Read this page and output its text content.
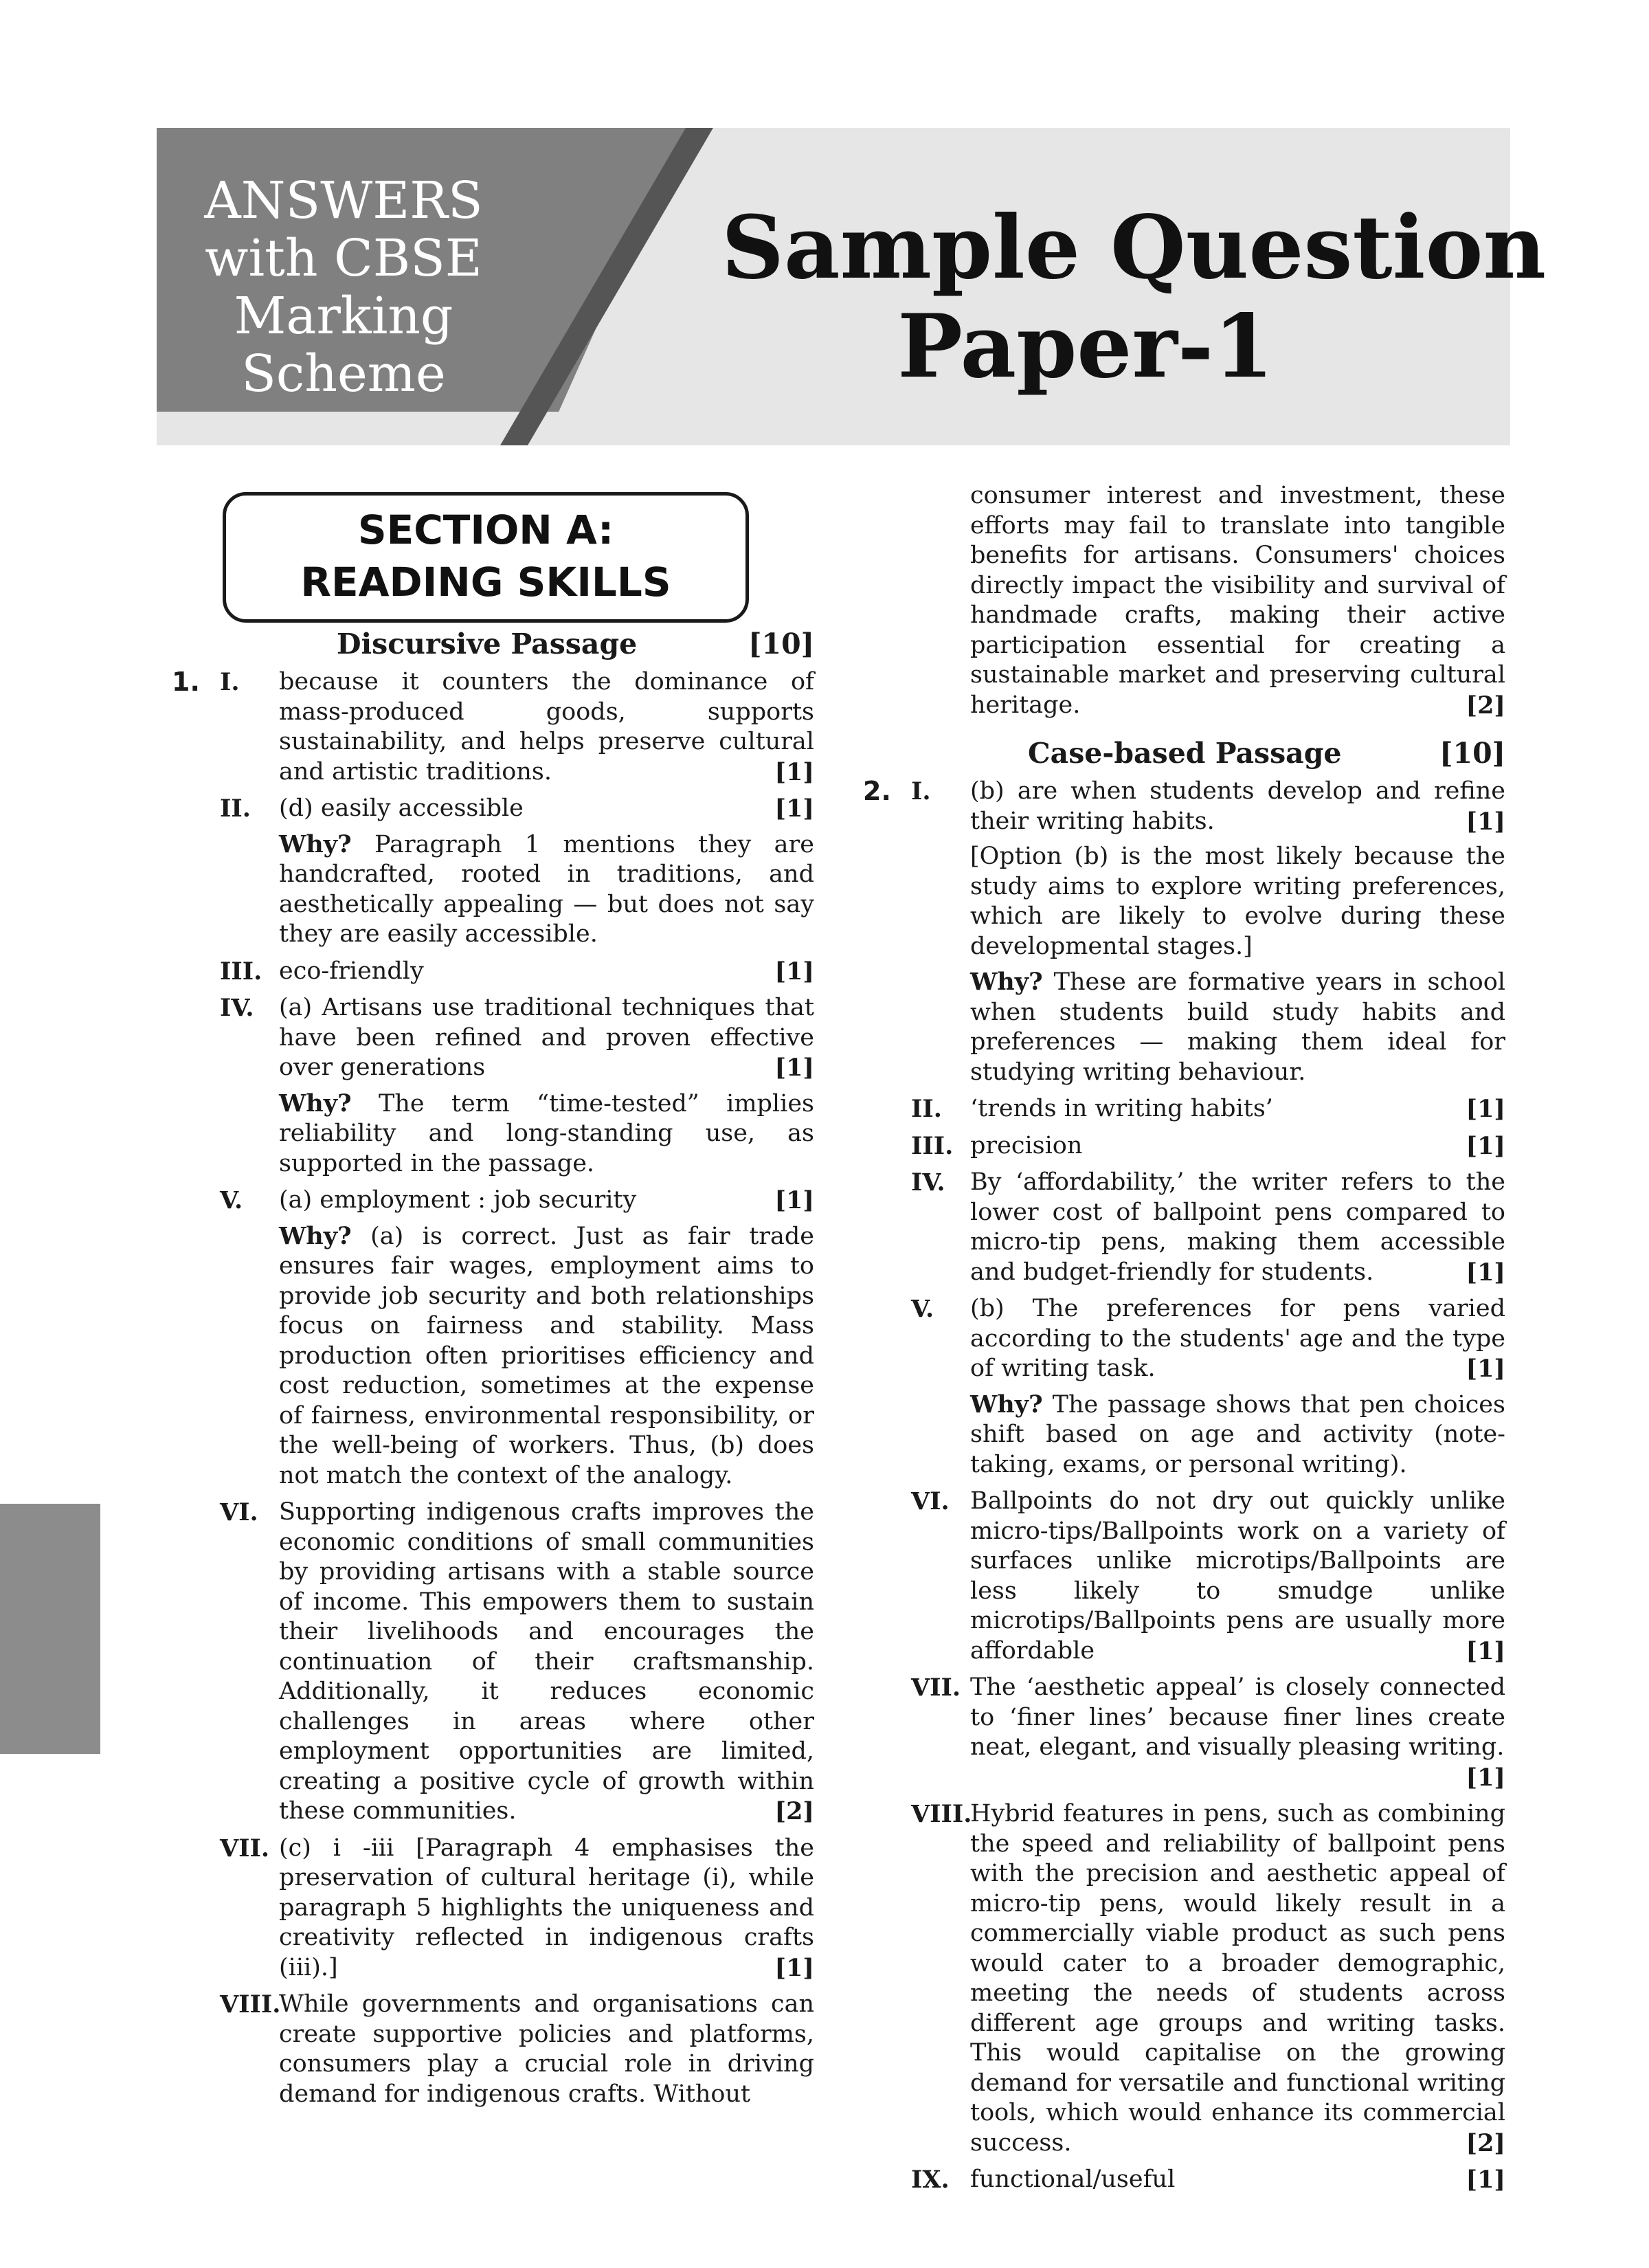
ANSWERS
with CBSE
Marking
Scheme
Sample Question
Paper-1
SECTION A:
READING SKILLS
Discursive Passage	[10]
1. I.	because it counters the dominance of mass-produced goods, supports sustainability, and helps preserve cultural and artistic traditions.	[1]
II.	(d) easily accessible	[1]
Why? Paragraph 1 mentions they are handcrafted, rooted in traditions, and aesthetically appealing — but does not say they are easily accessible.
III. eco-friendly	[1]
IV.	(a) Artisans use traditional techniques that have been refined and proven effective over generations	[1]
Why? The term “time-tested” implies reliability and long-standing use, as supported in the passage.
V.	(a) employment : job security	[1]
Why? (a) is correct. Just as fair trade ensures fair wages, employment aims to provide job security and both relationships focus on fairness and stability. Mass production often prioritises efficiency and cost reduction, sometimes at the expense of fairness, environmental responsibility, or the well-being of workers. Thus, (b) does not match the context of the analogy.
VI. Supporting indigenous crafts improves the economic conditions of small communities by providing artisans with a stable source of income. This empowers them to sustain their livelihoods and encourages the continuation of their craftsmanship. Additionally, it reduces economic challenges in areas where other employment opportunities are limited, creating a positive cycle of growth within these communities.	[2]
VII. (c) i -iii [Paragraph 4 emphasises the preservation of cultural heritage (i), while paragraph 5 highlights the uniqueness and creativity reflected in indigenous crafts (iii).]	[1]
VIII.
While governments and organisations can create supportive policies and platforms, consumers play a crucial role in driving demand for indigenous crafts. Without
consumer interest and investment, these efforts may fail to translate into tangible benefits for artisans. Consumers' choices directly impact the visibility and survival of handmade crafts, making their active participation essential for creating a sustainable market and preserving cultural heritage.	[2]
Case-based Passage	[10]
2. I.	(b) are when students develop and refine their writing habits.	[1]
[Option (b) is the most likely because the study aims to explore writing preferences, which are likely to evolve during these developmental stages.]
Why? These are formative years in school when students build study habits and preferences — making them ideal for studying writing behaviour.
II.	‘trends in writing habits’	[1]
III. precision	[1]
IV.	By ‘affordability,’ the writer refers to the lower cost of ballpoint pens compared to micro-tip pens, making them accessible and budget-friendly for students.	[1]
V.	(b) The preferences for pens varied according to the students' age and the type of writing task.	[1]
Why? The passage shows that pen choices shift based on age and activity (note-taking, exams, or personal writing).
VI. Ballpoints do not dry out quickly unlike micro-tips/Ballpoints work on a variety of surfaces unlike microtips/Ballpoints are less likely to smudge unlike microtips/Ballpoints pens are usually more affordable	[1]
VII. The ‘aesthetic appeal’ is closely connected to ‘finer lines’ because finer lines create neat, elegant, and visually pleasing writing.
[1]
VIII.
Hybrid features in pens, such as combining the speed and reliability of ballpoint pens with the precision and aesthetic appeal of micro-tip pens, would likely result in a commercially viable product as such pens would cater to a broader demographic, meeting the needs of students across different age groups and writing tasks. This would capitalise on the growing demand for versatile and functional writing tools, which would enhance its commercial success.	[2]
IX. functional/useful	[1]
